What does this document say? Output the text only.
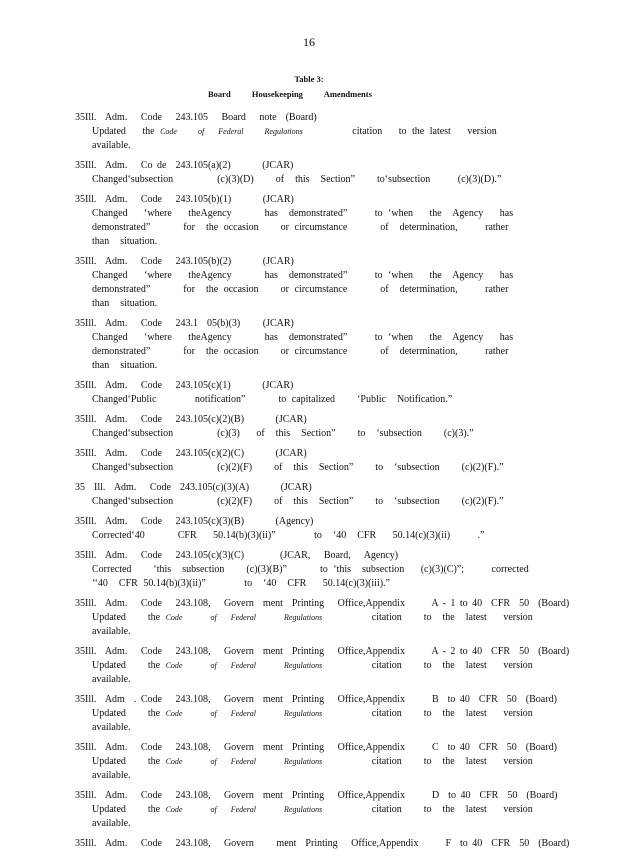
16
Table 3:
Board          Housekeeping          Amendments
35Ill.  Adm.   Code   243.105   Board   note  (Board)
Updated   the Code   of  Federal   Regulations         citation   to the latest   version   available.
35Ill.  Adm.   Co de  243.105(a)(2)       (JCAR)
Changed‘subsection        (c)(3)(D)    of  this  Section”    to‘subsection     (c)(3)(D).”
35Ill.  Adm.   Code   243.105(b)(1)       (JCAR)
Changed   ‘where   theAgency      has  demonstrated”     to ‘when   the  Agency   has  demonstrated”      for  the occasion    or circumstance      of  determination,     rather   than  situation.
35Ill.  Adm.   Code   243.105(b)(2)       (JCAR)
Changed   ‘where   theAgency      has  demonstrated”     to ‘when   the  Agency   has  demonstrated”      for  the occasion    or circumstance      of  determination,     rather   than  situation.
35Ill.  Adm.   Code   243.1  05(b)(3)     (JCAR)
Changed   ‘where   theAgency      has  demonstrated”     to ‘when   the  Agency   has  demonstrated”      for  the occasion    or circumstance      of  determination,     rather   than  situation.
35Ill.  Adm.   Code   243.105(c)(1)       (JCAR)
Changed‘Public       notification”      to capitalized    ‘Public  Notification.”
35Ill.  Adm.   Code   243.105(c)(2)(B)       (JCAR)
Changed‘subsection        (c)(3)   of  this  Section”    to  ‘subsection    (c)(3).”
35Ill.  Adm.   Code   243.105(c)(2)(C)       (JCAR)
Changed‘subsection        (c)(2)(F)    of  this  Section”    to  ‘subsection    (c)(2)(F).”
35  Ill.  Adm.   Code  243.105(c)(3)(A)       (JCAR)
Changed‘subsection        (c)(2)(F)    of  this  Section”    to  ‘subsection    (c)(2)(F).”
35Ill.  Adm.   Code   243.105(c)(3)(B)       (Agency)
Corrected‘40      CFR   50.14(b)(3)(ii)”       to  ‘40  CFR   50.14(c)(3)(ii)     .”
35Ill.  Adm.   Code   243.105(c)(3)(C)        (JCAR,   Board,   Agency)
Corrected    ‘this  subsection    (c)(3)(B)”      to ‘this  subsection   (c)(3)(C)”;     corrected     ‘‘40  CFR 50.14(b)(3)(ii)”       to  ‘40  CFR   50.14(c)(3)(iii).”
35Ill.  Adm.   Code   243.108,   Govern  ment  Printing   Office,Appendix      A - 1 to 40  CFR  50  (Board)
Updated    the Code    of  Federal    Regulations         citation    to  the  latest   version   available.
35Ill.  Adm.   Code   243.108,   Govern  ment  Printing   Office,Appendix      A - 2 to 40  CFR  50  (Board)
Updated    the Code    of  Federal    Regulations         citation    to  the  latest   version   available.
35Ill.  Adm  . Code   243.108,   Govern  ment  Printing   Office,Appendix      B  to 40  CFR  50  (Board)
Updated    the Code    of  Federal    Regulations         citation    to  the  latest   version   available.
35Ill.  Adm.   Code   243.108,   Govern  ment  Printing   Office,Appendix      C  to 40  CFR  50  (Board)
Updated    the Code    of  Federal    Regulations         citation    to  the  latest   version   available.
35Ill.  Adm.   Code   243.108,   Govern  ment  Printing   Office,Appendix      D  to 40  CFR  50  (Board)
Updated    the Code    of  Federal    Regulations         citation    to  the  latest   version   available.
35Ill.  Adm.   Code   243.108,   Govern     ment  Printing   Office,Appendix      F  to 40  CFR  50  (Board)
